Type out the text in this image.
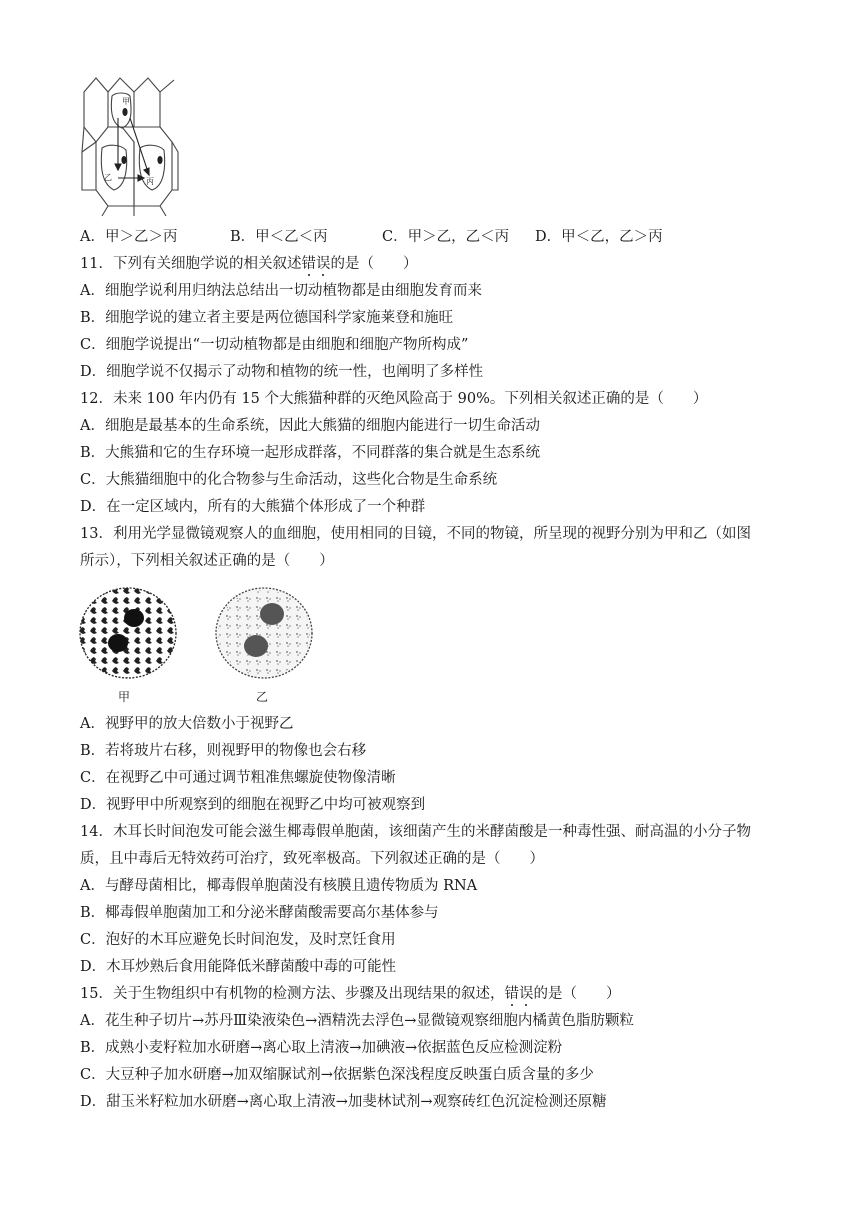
甲
乙	丙
A．甲＞乙＞丙	B．甲＜乙＜丙	C．甲＞乙，乙＜丙 D．甲＜乙，乙＞丙
11．下列有关细胞学说的相关叙述错误的是（　　）
A．细胞学说利用归纳法总结出一切动植物都是由细胞发育而来
B．细胞学说的建立者主要是两位德国科学家施莱登和施旺
C．细胞学说提出“一切动植物都是由细胞和细胞产物所构成”
D．细胞学说不仅揭示了动物和植物的统一性，也阐明了多样性
12．未来 100 年内仍有 15 个大熊猫种群的灭绝风险高于 90%。下列相关叙述正确的是（　　）
A．细胞是最基本的生命系统，因此大熊猫的细胞内能进行一切生命活动
B．大熊猫和它的生存环境一起形成群落，不同群落的集合就是生态系统
C．大熊猫细胞中的化合物参与生命活动，这些化合物是生命系统
D．在一定区域内，所有的大熊猫个体形成了一个种群
13．利用光学显微镜观察人的血细胞，使用相同的目镜，不同的物镜，所呈现的视野分别为甲和乙（如图
所示），下列相关叙述正确的是（　　）
甲	乙
A．视野甲的放大倍数小于视野乙
B．若将玻片右移，则视野甲的物像也会右移
C．在视野乙中可通过调节粗准焦螺旋使物像清晰
D．视野甲中所观察到的细胞在视野乙中均可被观察到
14．木耳长时间泡发可能会滋生椰毒假单胞菌，该细菌产生的米酵菌酸是一种毒性强、耐高温的小分子物
质，且中毒后无特效药可治疗，致死率极高。下列叙述正确的是（　　）
A．与酵母菌相比，椰毒假单胞菌没有核膜且遗传物质为 RNA
B．椰毒假单胞菌加工和分泌米酵菌酸需要高尔基体参与
C．泡好的木耳应避免长时间泡发，及时烹饪食用
D．木耳炒熟后食用能降低米酵菌酸中毒的可能性
15．关于生物组织中有机物的检测方法、步骤及出现结果的叙述，错误的是（　　）
A．花生种子切片→苏丹Ⅲ染液染色→酒精洗去浮色→显微镜观察细胞内橘黄色脂肪颗粒
B．成熟小麦籽粒加水研磨→离心取上清液→加碘液→依据蓝色反应检测淀粉
C．大豆种子加水研磨→加双缩脲试剂→依据紫色深浅程度反映蛋白质含量的多少
D．甜玉米籽粒加水研磨→离心取上清液→加斐林试剂→观察砖红色沉淀检测还原糖
